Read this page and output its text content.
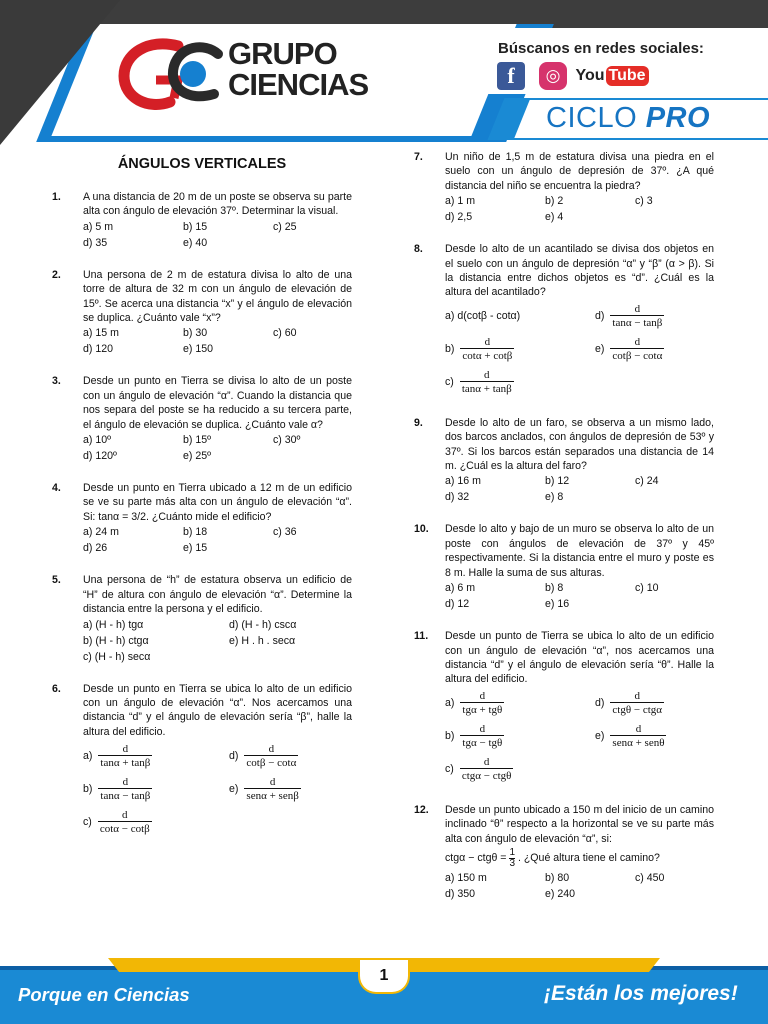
GRUPO
CIENCIAS
Material Extra
Búscanos en redes sociales:
f	◎ You Tube
CICLO PRO
ÁNGULOS VERTICALES
1. A una distancia de 20 m de un poste se observa su parte alta con ángulo de elevación 37º. Determinar la visual.
a) 5 m	b) 15	c) 25
d) 35	e) 40
2. Una persona de 2 m de estatura divisa lo alto de una torre de altura de 32 m con un ángulo de elevación de 15º. Se acerca una distancia “x” y el ángulo de elevación se duplica. ¿Cuánto vale “x”?
a) 15 m	b) 30	c) 60
d) 120	e) 150
3. Desde un punto en Tierra se divisa lo alto de un poste con un ángulo de elevación “α”. Cuando la distancia que nos separa del poste se ha reducido a su tercera parte, el ángulo de elevación se duplica. ¿Cuánto vale α?
a) 10º	b) 15º	c) 30º
d) 120º	e) 25º
4. Desde un punto en Tierra ubicado a 12 m de un edificio se ve su parte más alta con un ángulo de elevación “α”. Si: tanα = 3/2. ¿Cuánto mide el edificio?
a) 24 m	b) 18	c) 36
d) 26	e) 15
5. Una persona de “h” de estatura observa un edificio de “H” de altura con ángulo de elevación “α”. Determine la distancia entre la persona y el edificio.
a) (H - h) tgα	d) (H - h) cscα
b) (H - h) ctgα	e) H . h . secα
c) (H - h) secα
6. Desde un punto en Tierra se ubica lo alto de un edificio con un ángulo de elevación “α”. Nos acercamos una distancia “d” y el ángulo de elevación sería “β”, halle la altura del edificio.
$a) \frac{d}{\tan\alpha + \tan\beta}$	$d) \frac{d}{\cot\beta - \cot\alpha}$
$b) \frac{d}{\tan\alpha - \tan\beta}$	$e) \frac{d}{\text{senα + senβ}}$
$c) \frac{d}{\cot\alpha - \cot\beta}$
7. Un niño de 1,5 m de estatura divisa una piedra en el suelo con un ángulo de depresión de 37º. ¿A qué distancia del niño se encuentra la piedra?
a) 1 m	b) 2	c) 3
d) 2,5	e) 4
8. Desde lo alto de un acantilado se divisa dos objetos en el suelo con un ángulo de depresión “α” y “β” (α > β). Si la distancia entre dichos objetos es “d”. ¿Cuál es la altura del acantilado?
a) d(cotβ - cotα)	$d) \frac{d}{\tan\alpha - \tan\beta}$
$b) \frac{d}{\cot\alpha + \cot\beta}$	$e) \frac{d}{\cot\beta - \cot\alpha}$
$c) \frac{d}{\tan\alpha + \tan\beta}$
9. Desde lo alto de un faro, se observa a un mismo lado, dos barcos anclados, con ángulos de depresión de 53º y 37º. Si los barcos están separados una distancia de 14 m. ¿Cuál es la altura del faro?
a) 16 m	b) 12	c) 24
d) 32	e) 8
10. Desde lo alto y bajo de un muro se observa lo alto de un poste con ángulos de elevación de 37º y 45º respectivamente. Si la distancia entre el muro y poste es 8 m. Halle la suma de sus alturas.
a) 6 m	b) 8	c) 10
d) 12	e) 16
11. Desde un punto de Tierra se ubica lo alto de un edificio con un ángulo de elevación “α”, nos acercamos una distancia “d” y el ángulo de elevación sería “θ”. Halle la altura del edificio.
$a) \frac{d}{\text{tgα + tgθ}}$	$d) \frac{d}{\text{ctgθ − ctgα}}$
$b) \frac{d}{\text{tgα − tgθ}}$	$e) \frac{d}{\text{senα + senθ}}$
$c) \frac{d}{\text{ctgα − ctgθ}}$
12. Desde un punto ubicado a 150 m del inicio de un camino inclinado “θ” respecto a la horizontal se ve su parte más alta con ángulo de elevación “α”, si:
$ctg\alpha - ctg\theta = \frac{1}{3}$ . ¿Qué altura tiene el camino?
a) 150 m	b) 80	c) 450
d) 350	e) 240
1
Porque en Ciencias	¡Están los mejores!
